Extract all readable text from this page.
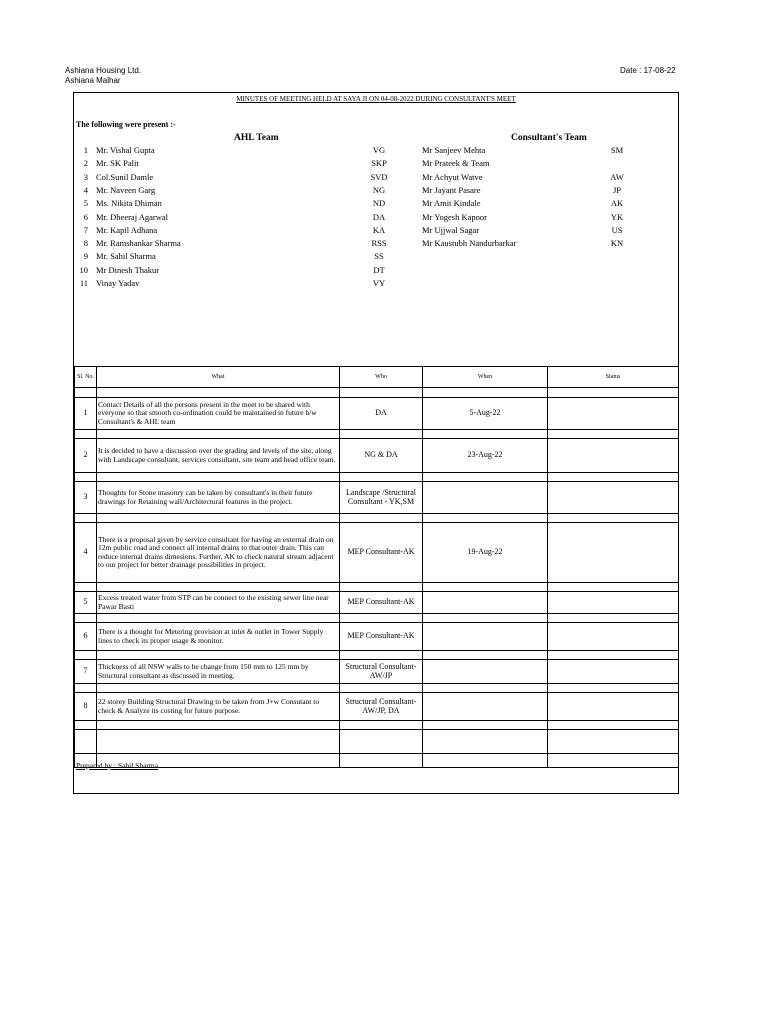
Ashiana Housing Ltd.
Ashiana Malhar
Date : 17-08-22
MINUTES OF MEETING HELD AT SAYA JI ON 04-08-2022 DURING CONSULTANT'S MEET
The following were present :-
AHL Team	Consultant's Team
1 Mr. Vishal Gupta	VG
2 Mr. SK Palit	SKP
3 Col.Sunil Damle	SVD
4 Mr. Naveen Garg	NG
5 Ms. Nikita Dhiman	ND
6 Mr. Dheeraj Agarwal	DA
7 Mr. Kapil Adhana	KA
8 Mr. Ramshankar Sharma	RSS
9 Mr. Sahil Sharma	SS
10 Mr Dinesh Thakur	DT
11 Vinay Yadav	VY
Mr Sanjeev Mehta	SM
Mr Prateek & Team
Mr Achyut Watve	AW
Mr Jayant Pasare	JP
Mr Amit Kindale	AK
Mr Yogesh Kapoor	YK
Mr Ujjwal Sagar	US
Mr Kaustubh Nandurbarkar	KN
Sl. No.	What	Who	When	Status

1	Contact Details of all the persons present in the meet to be shared with everyone so that smooth co-ordination could be maintained in future b/w Consultant's & AHL team	DA	5-Aug-22	

2	It is decided to have a discussion over the grading and levels of the site, along with Landscape consultant, services consultant, site team and head office team.	NG & DA	23-Aug-22	

3	Thoughts for Stone masonry can be taken by consultant's in their future drawings for Retaining wall/Architectural features in the project.	Landscape /Structural Consultant - YK,SM		

4	There is a proposal given by service consultant for having an external drain on 12m public road and connect all internal drains to that outer drain. This can reduce internal drains dimesions. Further, AK to check natural stream adjacent to our project for better drainage possibilities in project.	MEP Consultant-AK	19-Aug-22	

5	Excess treated water from STP can be connect to the existing sewer line near Pawar Basti	MEP Consultant-AK		

6	There is a thought for Metering provision at inlet & outlet in Tower Supply lines to check its proper usage & monitor.	MEP Consultant-AK		

7	Thickness of all NSW walls to be change from 150 mm to 125 mm by Structural consultant as discussed in meeting.	Structural Consultant-AW/JP		

8	22 storey Building Structural Drawing to be taken from J+w Consutant to check & Analyze its costing for future purpose.	Structural Consultant-AW/JP, DA		

Prepared by : Sahil Sharma
